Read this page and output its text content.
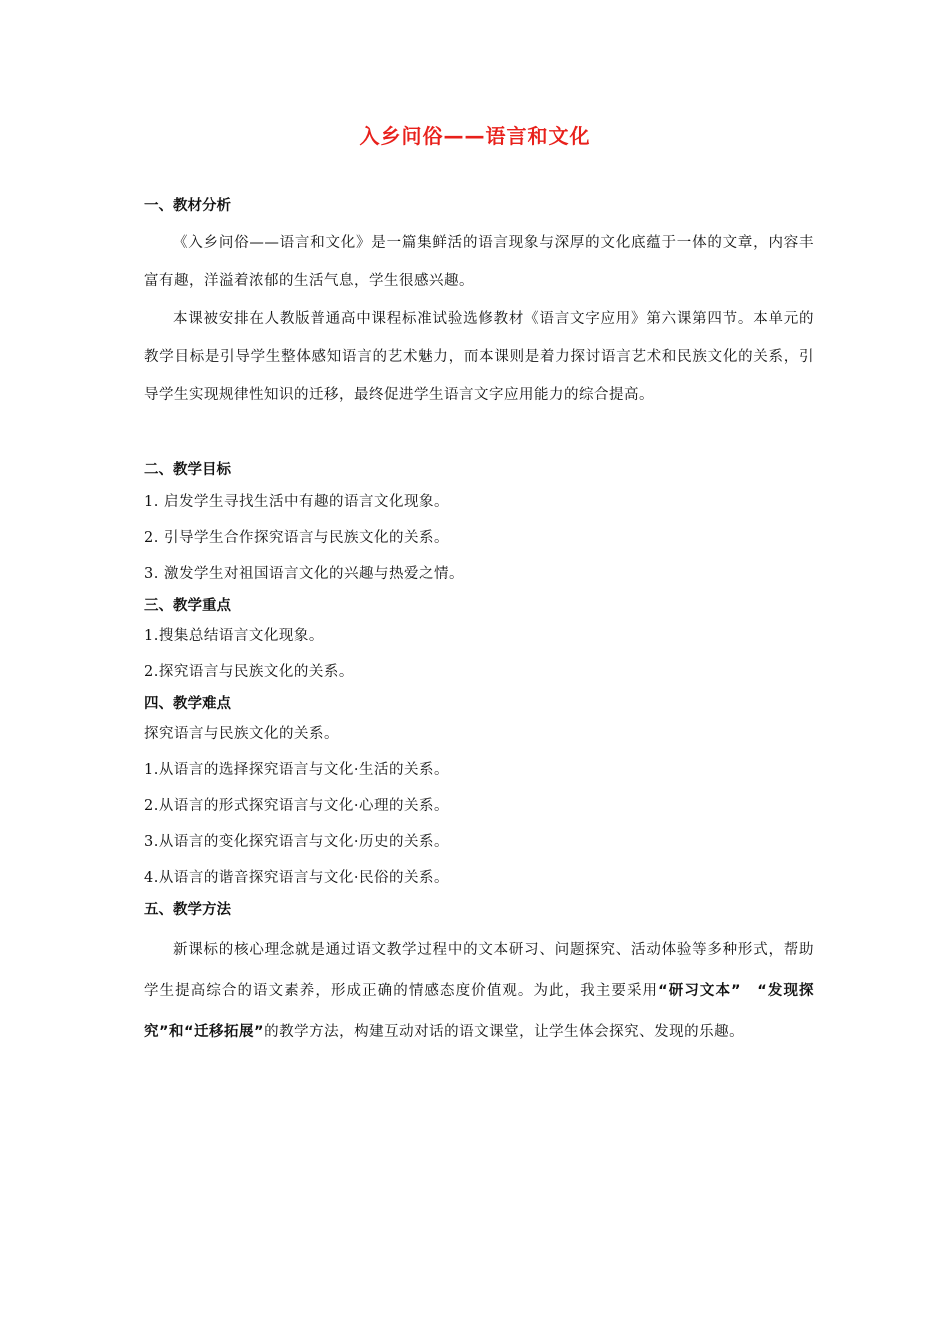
入乡问俗——语言和文化
一、教材分析
《入乡问俗——语言和文化》是一篇集鲜活的语言现象与深厚的文化底蕴于一体的文章，内容丰富有趣，洋溢着浓郁的生活气息，学生很感兴趣。
本课被安排在人教版普通高中课程标准试验选修教材《语言文字应用》第六课第四节。本单元的教学目标是引导学生整体感知语言的艺术魅力，而本课则是着力探讨语言艺术和民族文化的关系，引导学生实现规律性知识的迁移，最终促进学生语言文字应用能力的综合提高。
二、教学目标
1. 启发学生寻找生活中有趣的语言文化现象。
2. 引导学生合作探究语言与民族文化的关系。
3. 激发学生对祖国语言文化的兴趣与热爱之情。
三、教学重点
1.搜集总结语言文化现象。
2.探究语言与民族文化的关系。
四、教学难点
探究语言与民族文化的关系。
1.从语言的选择探究语言与文化·生活的关系。
2.从语言的形式探究语言与文化·心理的关系。
3.从语言的变化探究语言与文化·历史的关系。
4.从语言的谐音探究语言与文化·民俗的关系。
五、教学方法
新课标的核心理念就是通过语文教学过程中的文本研习、问题探究、活动体验等多种形式，帮助学生提高综合的语文素养，形成正确的情感态度价值观。为此，我主要采用“研习文本”　 “发现探究”和“迁移拓展”的教学方法，构建互动对话的语文课堂，让学生体会探究、发现的乐趣。
